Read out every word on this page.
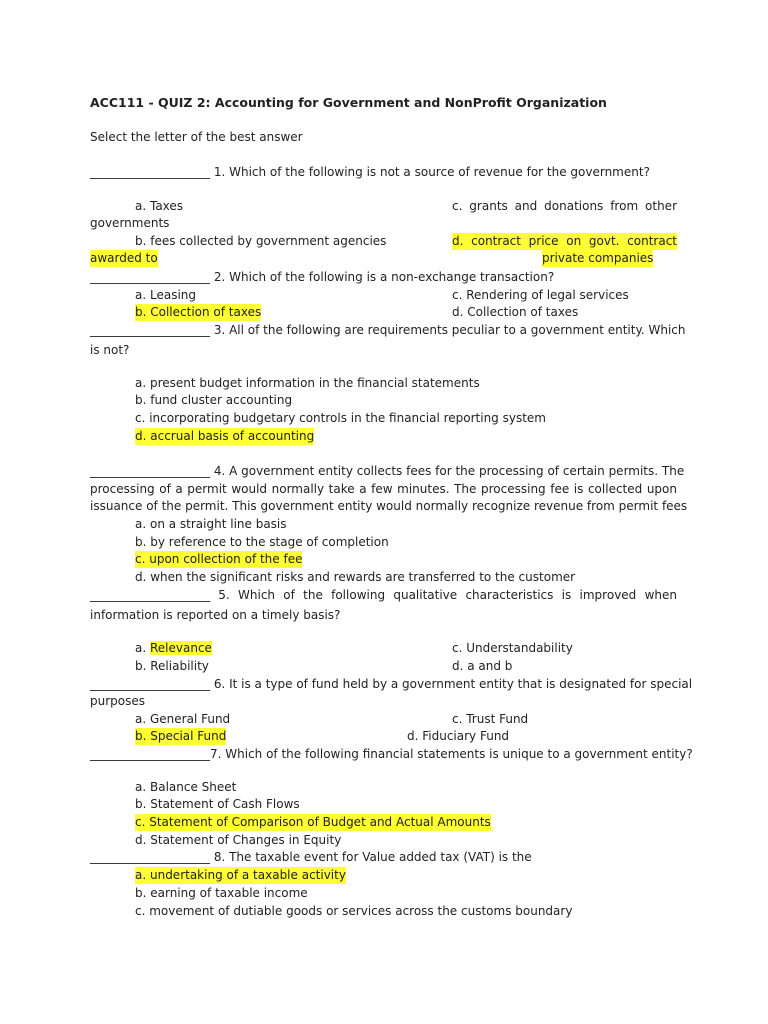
ACC111 - QUIZ 2: Accounting for Government and NonProfit Organization
Select the letter of the best answer
____________________ 1. Which of the following is not a source of revenue for the government?
a. Taxes	c. grants and donations from other
governments
b. fees collected by government agencies	d. contract price on govt. contract
awarded to	private companies
____________________ 2. Which of the following is a non-exchange transaction?
a. Leasing	c. Rendering of legal services
b. Collection of taxes	d. Collection of taxes
____________________ 3. All of the following are requirements peculiar to a government entity. Which
is not?
a. present budget information in the financial statements
b. fund cluster accounting
c. incorporating budgetary controls in the financial reporting system
d. accrual basis of accounting
____________________ 4. A government entity collects fees for the processing of certain permits. The
processing of a permit would normally take a few minutes. The processing fee is collected upon
issuance of the permit. This government entity would normally recognize revenue from permit fees
a. on a straight line basis
b. by reference to the stage of completion
c. upon collection of the fee
d. when the significant risks and rewards are transferred to the customer
____________________ 5. Which of the following qualitative characteristics is improved when
information is reported on a timely basis?
a. Relevance	c. Understandability
b. Reliability	d. a and b
____________________ 6. It is a type of fund held by a government entity that is designated for special
purposes
a. General Fund	c. Trust Fund
b. Special Fund	d. Fiduciary Fund
____________________7. Which of the following financial statements is unique to a government entity?
a. Balance Sheet
b. Statement of Cash Flows
c. Statement of Comparison of Budget and Actual Amounts
d. Statement of Changes in Equity
____________________ 8. The taxable event for Value added tax (VAT) is the
a. undertaking of a taxable activity
b. earning of taxable income
c. movement of dutiable goods or services across the customs boundary
